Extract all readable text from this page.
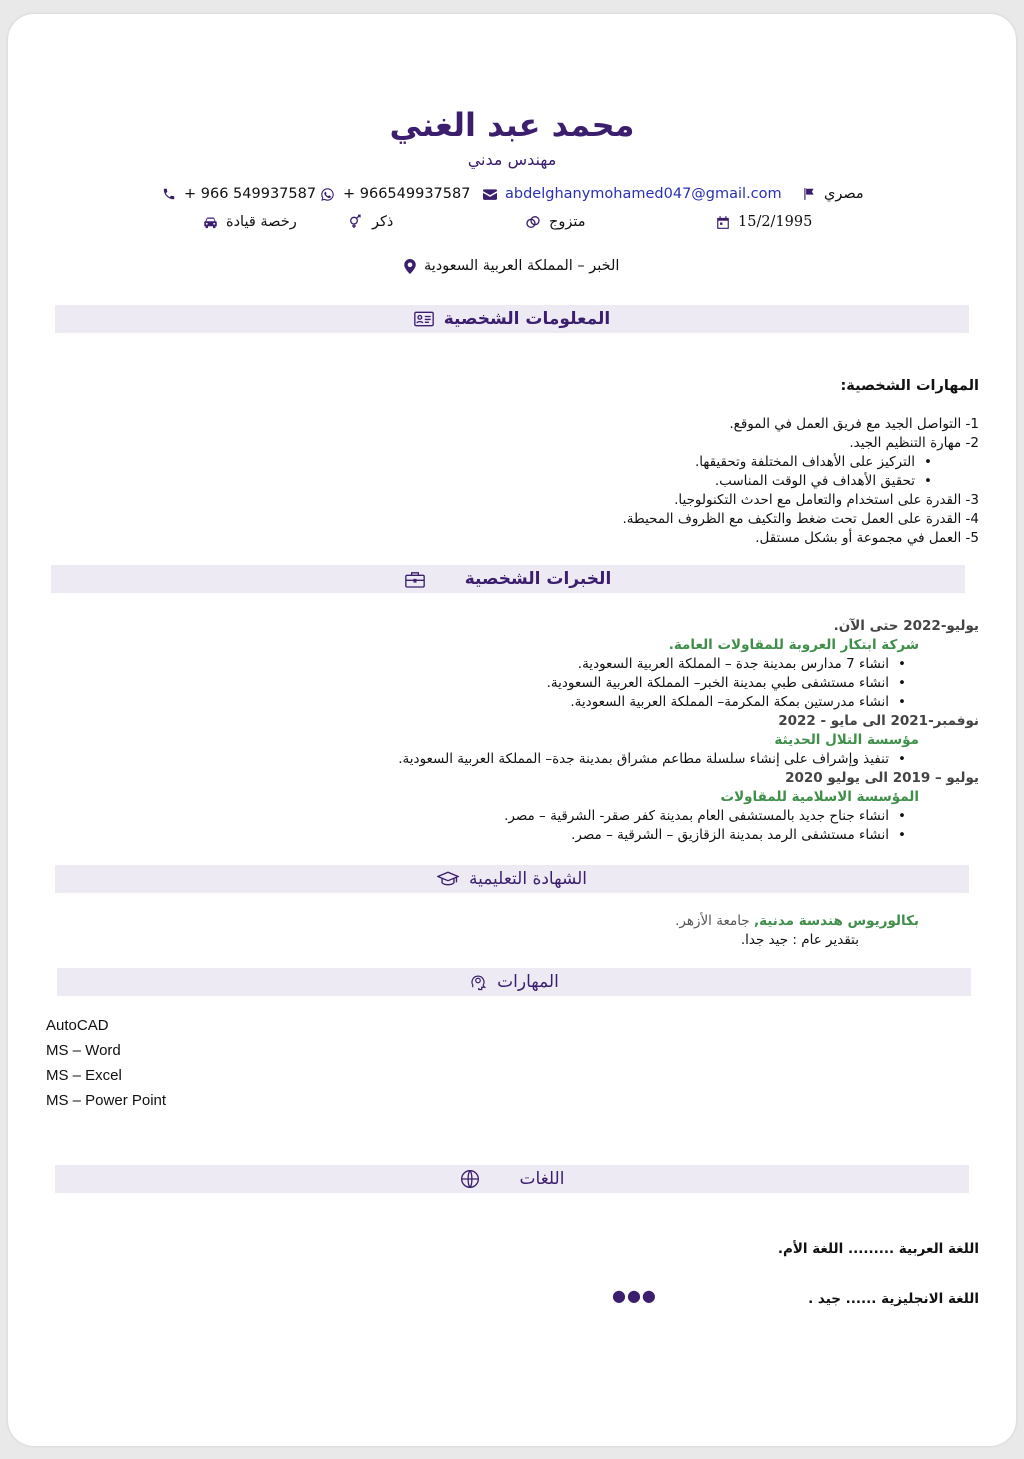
محمد عبد الغني
مهندس مدني
+ 966 549937587 + 966549937587 abdelghanymohamed047@gmail.com	مصري
رخصة قيادة	ذكر	متزوج	15/2/1995
الخبر – المملكة العربية السعودية
المعلومات الشخصية
المهارات الشخصية:
1- التواصل الجيد مع فريق العمل في الموقع.
2- مهارة التنظيم الجيد.
• التركيز على الأهداف المختلفة وتحقيقها.
• تحقيق الأهداف في الوقت المناسب.
3- القدرة على استخدام والتعامل مع احدث التكنولوجيا.
4- القدرة على العمل تحت ضغط والتكيف مع الظروف المحيطة.
5- العمل في مجموعة أو بشكل مستقل.
الخبرات الشخصية
يوليو-2022 حتى الآن.
شركة ابتكار العروبة للمقاولات العامة.
• انشاء 7 مدارس بمدينة جدة – المملكة العربية السعودية.
• انشاء مستشفى طبي بمدينة الخبر– المملكة العربية السعودية.
• انشاء مدرستين بمكة المكرمة– المملكة العربية السعودية.
نوفمبر-2021 الى مايو - 2022
مؤسسة التلال الحديثة
• تنفيذ وإشراف على إنشاء سلسلة مطاعم مشراق بمدينة جدة– المملكة العربية السعودية.
يوليو – 2019 الى يوليو 2020
المؤسسة الاسلامية للمقاولات
• انشاء جناح جديد بالمستشفى العام بمدينة كفر صقر- الشرقية – مصر.
• انشاء مستشفى الرمد بمدينة الزقازيق – الشرقية – مصر.
الشهادة التعليمية
بكالوريوس هندسة مدنية, جامعة الأزهر.
بتقدير عام : جيد جدا.
المهارات
AutoCAD
MS – Word
MS – Excel
MS – Power Point
اللغات
اللغة العربية ......... اللغة الأم.
اللغة الانجليزية ...... جيد .
●●●
